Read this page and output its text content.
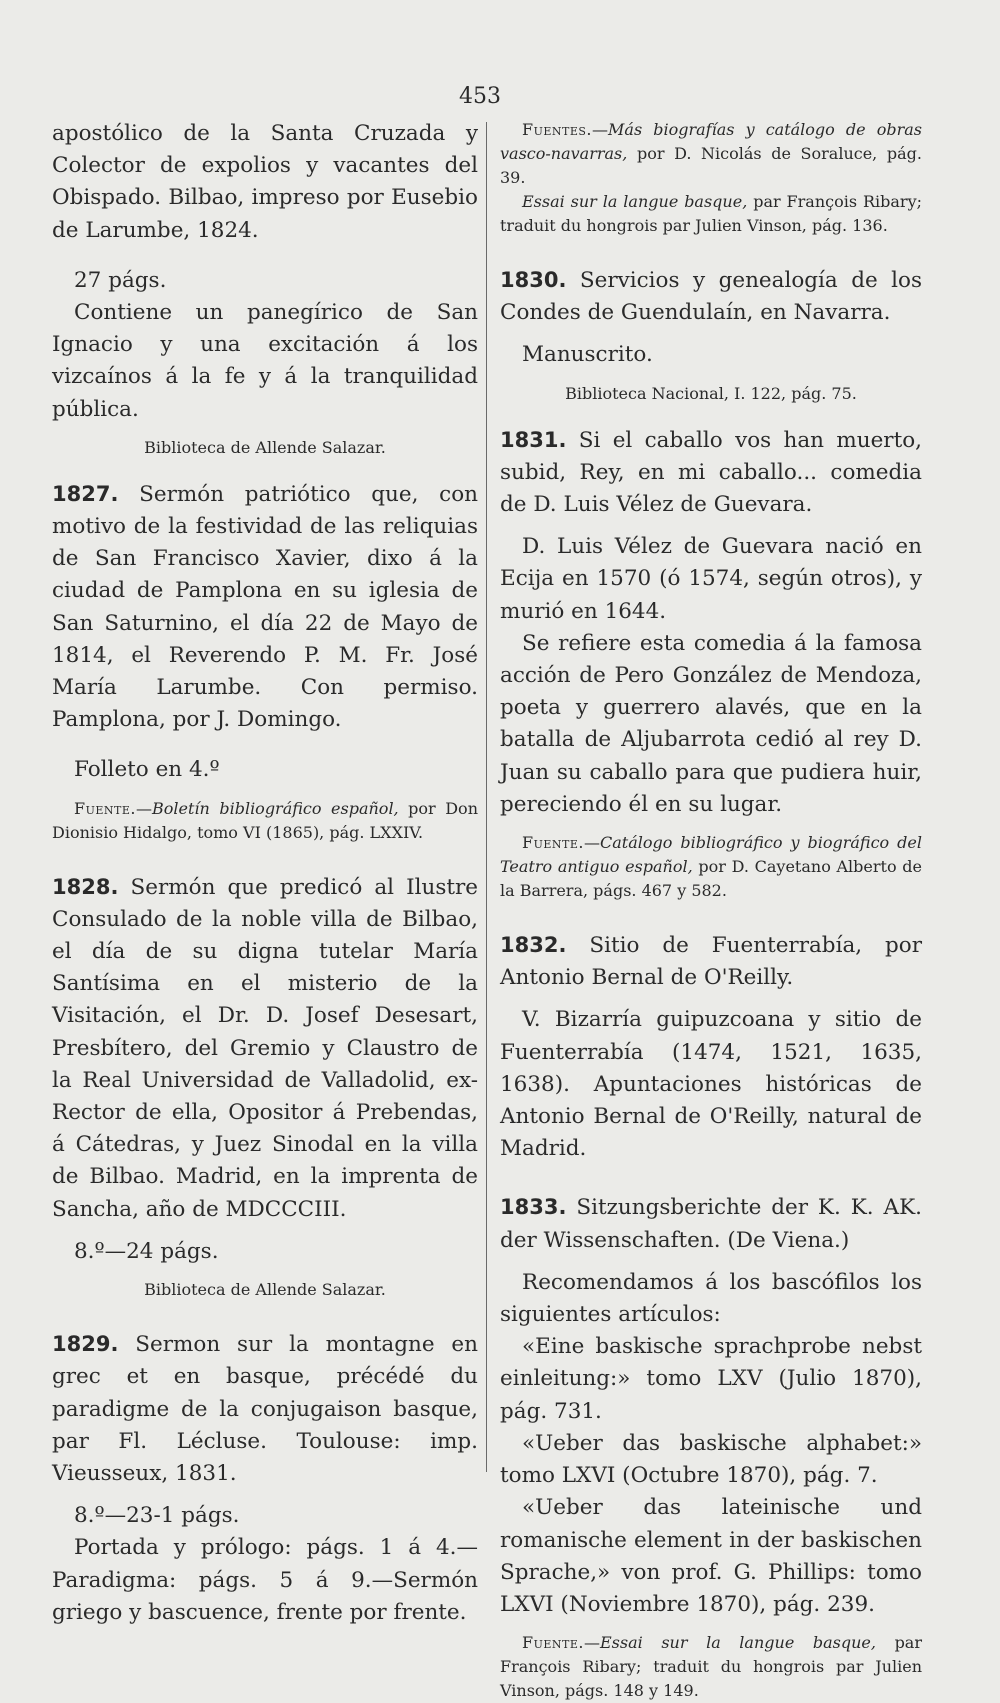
453

apostólico de la Santa Cruzada y Colector de expolios y vacantes del Obispado. Bilbao, impreso por Eusebio de Larumbe, 1824.

27 págs.

Contiene un panegírico de San Ignacio y una excitación á los vizcaínos á la fe y á la tranquilidad pública.

Biblioteca de Allende Salazar.

1827. Sermón patriótico que, con motivo de la festividad de las reliquias de San Francisco Xavier, dixo á la ciudad de Pamplona en su iglesia de San Saturnino, el día 22 de Mayo de 1814, el Reverendo P. M. Fr. José María Larumbe. Con permiso. Pamplona, por J. Domingo.

Folleto en 4.º

Fuente.—Boletín bibliográfico español, por Don Dionisio Hidalgo, tomo VI (1865), pág. LXXIV.

1828. Sermón que predicó al Ilustre Consulado de la noble villa de Bilbao, el día de su digna tutelar María Santísima en el misterio de la Visitación, el Dr. D. Josef Desesart, Presbítero, del Gremio y Claustro de la Real Universidad de Valladolid, ex-Rector de ella, Opositor á Prebendas, á Cátedras, y Juez Sinodal en la villa de Bilbao. Madrid, en la imprenta de Sancha, año de MDCCCIII.

8.º—24 págs.

Biblioteca de Allende Salazar.

1829. Sermon sur la montagne en grec et en basque, précédé du paradigme de la conjugaison basque, par Fl. Lécluse. Toulouse: imp. Vieusseux, 1831.

8.º—23-1 págs.

Portada y prólogo: págs. 1 á 4.—Paradigma: págs. 5 á 9.—Sermón griego y bascuence, frente por frente.

Fuentes.—Más biografías y catálogo de obras vasco-navarras, por D. Nicolás de Soraluce, pág. 39.

Essai sur la langue basque, par François Ribary; traduit du hongrois par Julien Vinson, pág. 136.

1830. Servicios y genealogía de los Condes de Guendulaín, en Navarra.

Manuscrito.

Biblioteca Nacional, I. 122, pág. 75.

1831. Si el caballo vos han muerto, subid, Rey, en mi caballo... comedia de D. Luis Vélez de Guevara.

D. Luis Vélez de Guevara nació en Ecija en 1570 (ó 1574, según otros), y murió en 1644.

Se refiere esta comedia á la famosa acción de Pero González de Mendoza, poeta y guerrero alavés, que en la batalla de Aljubarrota cedió al rey D. Juan su caballo para que pudiera huir, pereciendo él en su lugar.

Fuente.—Catálogo bibliográfico y biográfico del Teatro antiguo español, por D. Cayetano Alberto de la Barrera, págs. 467 y 582.

1832. Sitio de Fuenterrabía, por Antonio Bernal de O'Reilly.

V. Bizarría guipuzcoana y sitio de Fuenterrabía (1474, 1521, 1635, 1638). Apuntaciones históricas de Antonio Bernal de O'Reilly, natural de Madrid.

1833. Sitzungsberichte der K. K. AK. der Wissenschaften. (De Viena.)

Recomendamos á los bascófilos los siguientes artículos:

«Eine baskische sprachprobe nebst einleitung:» tomo LXV (Julio 1870), pág. 731.

«Ueber das baskische alphabet:» tomo LXVI (Octubre 1870), pág. 7.

«Ueber das lateinische und romanische element in der baskischen Sprache,» von prof. G. Phillips: tomo LXVI (Noviembre 1870), pág. 239.

Fuente.—Essai sur la langue basque, par François Ribary; traduit du hongrois par Julien Vinson, págs. 148 y 149.
